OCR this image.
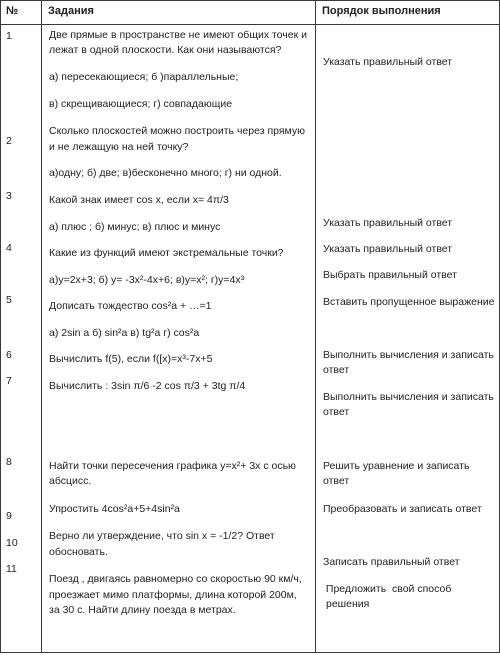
№	Задания	Порядок выполнения
1
2
3
4
5
6
7
8
9
10
11
Две прямые в пространстве не имеют общих точек и
лежат в одной плоскости. Как они называются?
а) пересекающиеся; б )параллельные;
в) скрещивающиеся; г) совпадающие
Сколько плоскостей можно построить через прямую
и не лежащую на ней точку?
а)одну; б) две; в)бесконечно много; г) ни одной.
Какой знак имеет cos x, если x= 4π/3
а) плюс ; б) минус; в) плюс и минус
Какие из функций имеют экстремальные точки?
а)y=2x+3; б) y= -3x²-4x+6; в)y=x²; г)y=4x³
Дописать тождество cos²a + …=1
а) 2sin a б) sin²a в) tg²a г) cos²a
Вычислить f(5), если f([x)=x³-7x+5
Вычислить : 3sin π/6 -2 cos π/3 + 3tg π/4
Найти точки пересечения графика y=x²+ 3x с осью
абсцисс.
Упростить 4cos²a+5+4sin²a
Верно ли утверждение, что sin x = -1/2? Ответ
обосновать.
Поезд , двигаясь равномерно со скоростью 90 км/ч,
проезжает мимо платформы, длина которой 200м,
за 30 с. Найти длину поезда в метрах.
Указать правильный ответ
Указать правильный ответ
Указать правильный ответ
Выбрать правильный ответ
Вставить пропущенное выражение
Выполнить вычисления и записать
ответ
Выполнить вычисления и записать
ответ
Решить уравнение и записать
ответ
Преобразовать и записать ответ
Записать правильный ответ
Предложить  свой способ
решения
